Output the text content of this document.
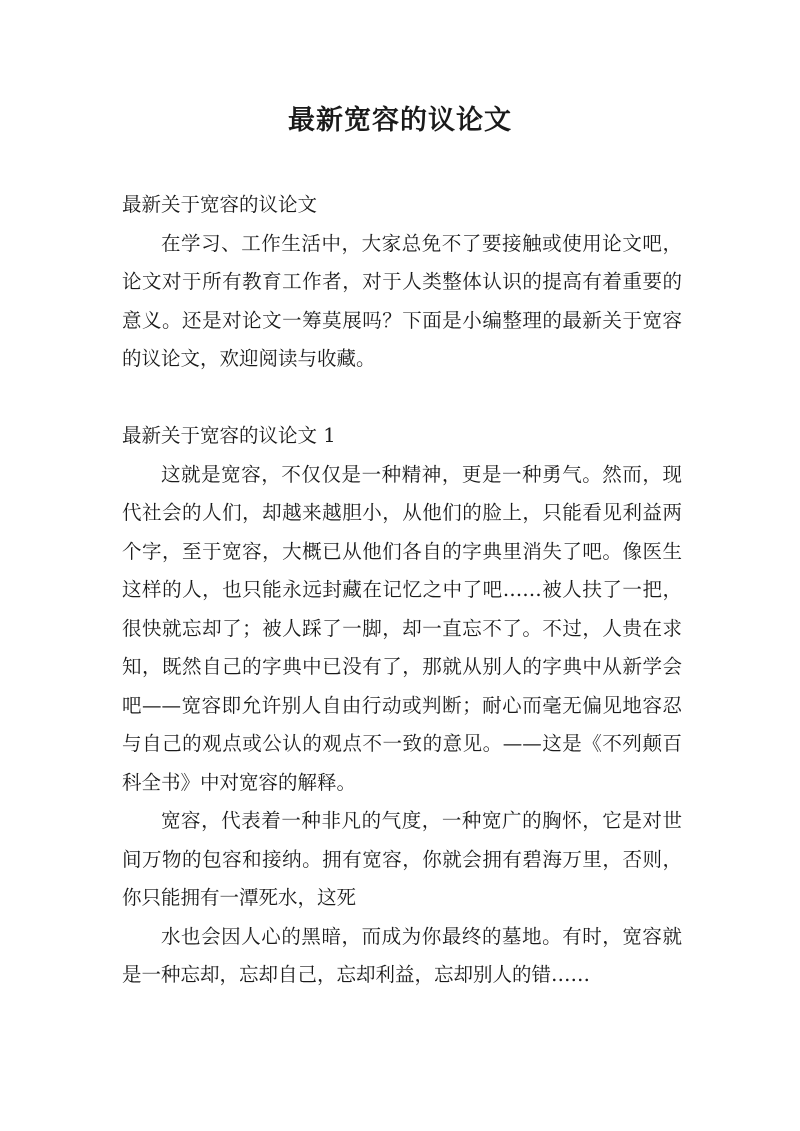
最新宽容的议论文

最新关于宽容的议论文

在学习、工作生活中，大家总免不了要接触或使用论文吧，论文对于所有教育工作者，对于人类整体认识的提高有着重要的意义。还是对论文一筹莫展吗？下面是小编整理的最新关于宽容的议论文，欢迎阅读与收藏。

最新关于宽容的议论文 1

这就是宽容，不仅仅是一种精神，更是一种勇气。然而，现代社会的人们，却越来越胆小，从他们的脸上，只能看见利益两个字，至于宽容，大概已从他们各自的字典里消失了吧。像医生这样的人，也只能永远封藏在记忆之中了吧……被人扶了一把，很快就忘却了；被人踩了一脚，却一直忘不了。不过，人贵在求知，既然自己的字典中已没有了，那就从别人的字典中从新学会吧——宽容即允许别人自由行动或判断；耐心而毫无偏见地容忍与自己的观点或公认的观点不一致的意见。——这是《不列颠百科全书》中对宽容的解释。

宽容，代表着一种非凡的气度，一种宽广的胸怀，它是对世间万物的包容和接纳。拥有宽容，你就会拥有碧海万里，否则，你只能拥有一潭死水，这死

水也会因人心的黑暗，而成为你最终的墓地。有时，宽容就是一种忘却，忘却自己，忘却利益，忘却别人的错……
